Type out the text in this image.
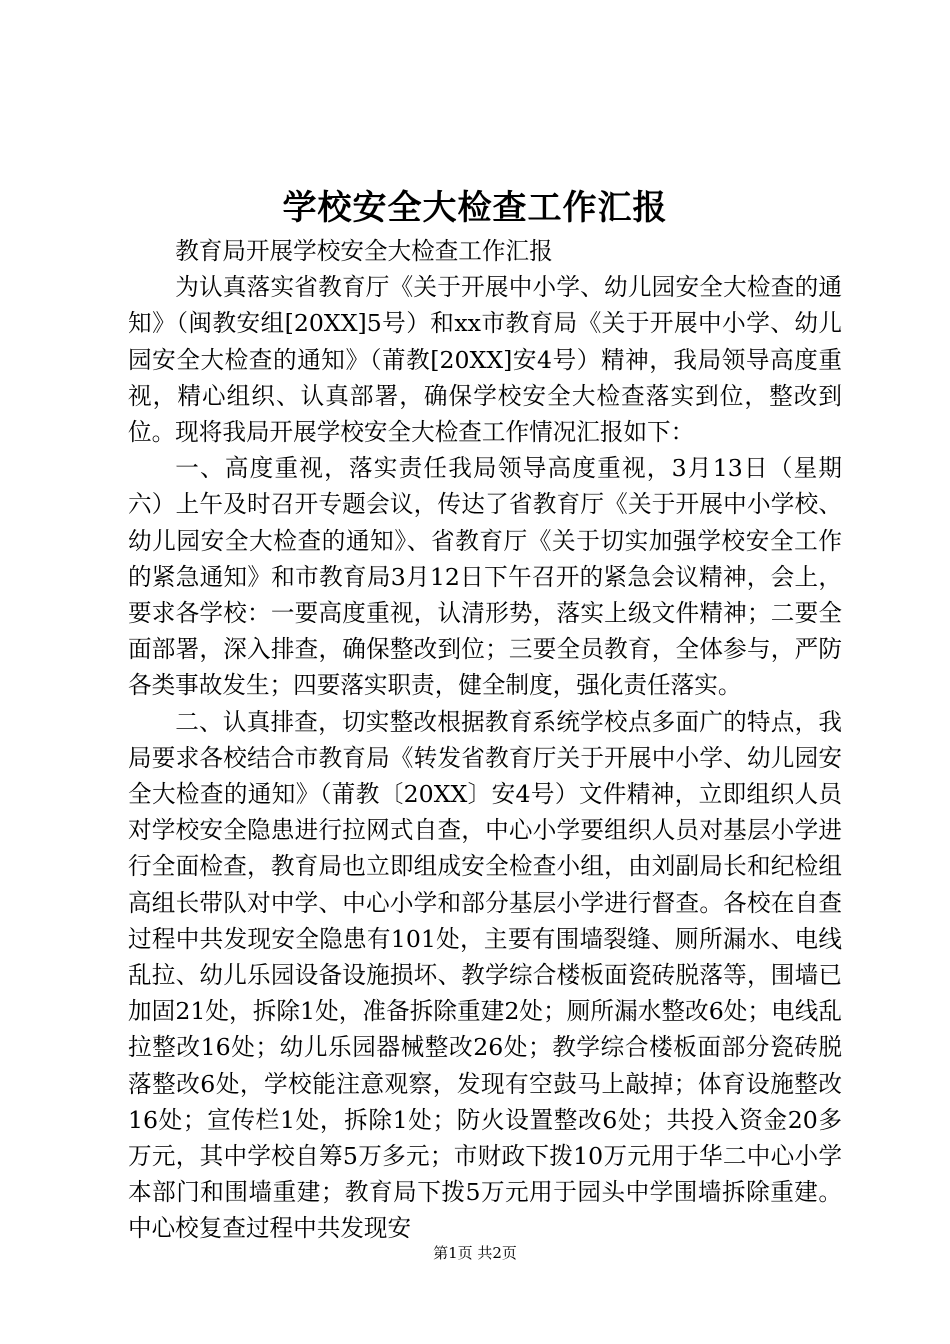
学校安全大检查工作汇报

教育局开展学校安全大检查工作汇报

为认真落实省教育厅《关于开展中小学、幼儿园安全大检查的通知》（闽教安组[20XX]5号）和xx市教育局《关于开展中小学、幼儿园安全大检查的通知》（莆教[20XX]安4号）精神，我局领导高度重视，精心组织、认真部署，确保学校安全大检查落实到位，整改到位。现将我局开展学校安全大检查工作情况汇报如下：

一、高度重视，落实责任我局领导高度重视，3月13日（星期六）上午及时召开专题会议，传达了省教育厅《关于开展中小学校、幼儿园安全大检查的通知》、省教育厅《关于切实加强学校安全工作的紧急通知》和市教育局3月12日下午召开的紧急会议精神，会上，要求各学校：一要高度重视，认清形势，落实上级文件精神；二要全面部署，深入排查，确保整改到位；三要全员教育，全体参与，严防各类事故发生；四要落实职责，健全制度，强化责任落实。

二、认真排查，切实整改根据教育系统学校点多面广的特点，我局要求各校结合市教育局《转发省教育厅关于开展中小学、幼儿园安全大检查的通知》（莆教〔20XX〕安4号）文件精神，立即组织人员对学校安全隐患进行拉网式自查，中心小学要组织人员对基层小学进行全面检查，教育局也立即组成安全检查小组，由刘副局长和纪检组高组长带队对中学、中心小学和部分基层小学进行督查。各校在自查过程中共发现安全隐患有101处，主要有围墙裂缝、厕所漏水、电线乱拉、幼儿乐园设备设施损坏、教学综合楼板面瓷砖脱落等，围墙已加固21处，拆除1处，准备拆除重建2处；厕所漏水整改6处；电线乱拉整改16处；幼儿乐园器械整改26处；教学综合楼板面部分瓷砖脱落整改6处，学校能注意观察，发现有空鼓马上敲掉；体育设施整改16处；宣传栏1处，拆除1处；防火设置整改6处；共投入资金20多万元，其中学校自筹5万多元；市财政下拨10万元用于华二中心小学本部门和围墙重建；教育局下拨5万元用于园头中学围墙拆除重建。中心校复查过程中共发现安

第1页 共2页
